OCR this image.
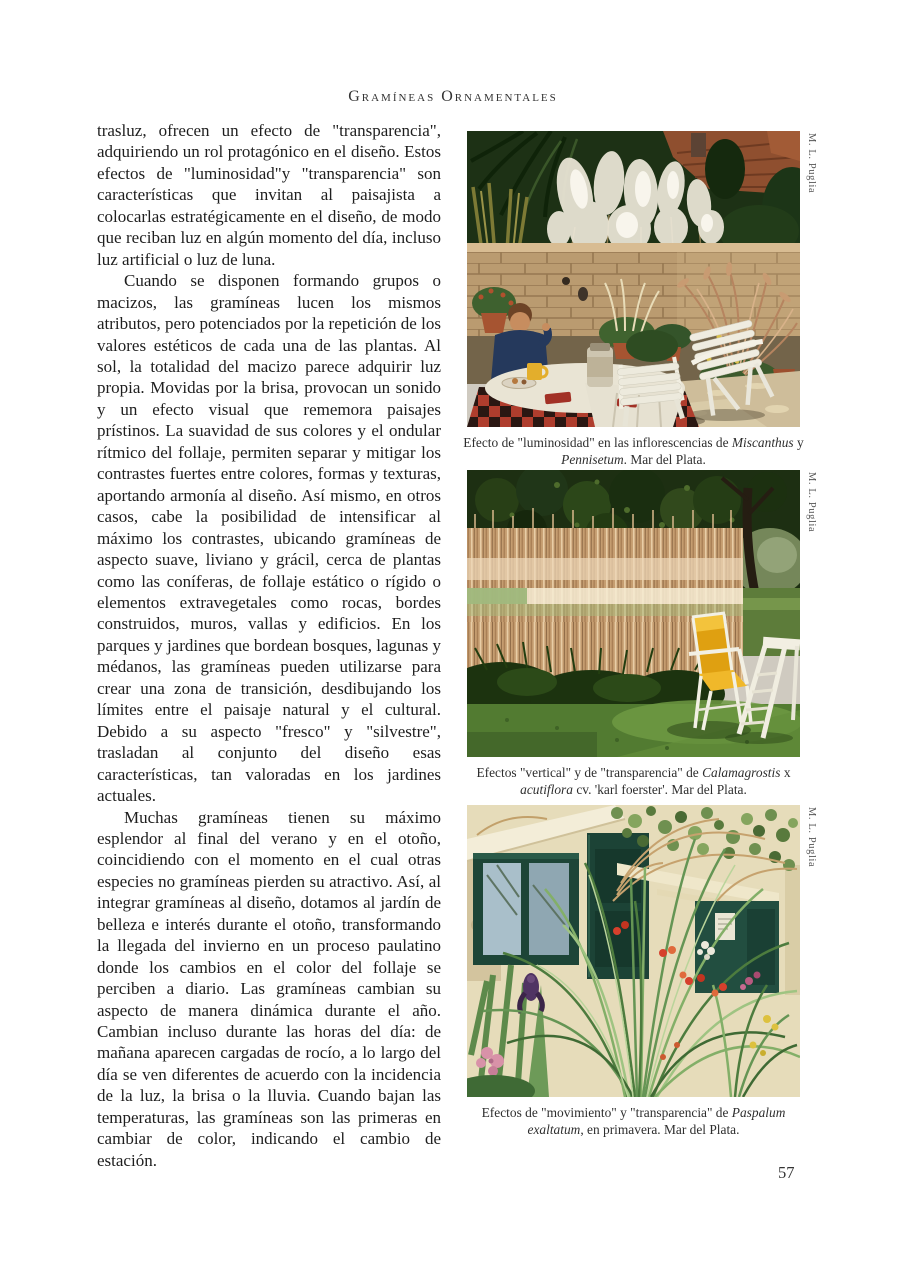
Gramíneas Ornamentales

trasluz, ofrecen un efecto de "transparencia", adquiriendo un rol protagónico en el diseño. Estos efectos de "luminosidad"y "transparencia" son características que invitan al paisajista a colocarlas estratégicamente en el diseño, de modo que reciban luz en algún momento del día, incluso luz artificial o luz de luna.

Cuando se disponen formando grupos o macizos, las gramíneas lucen los mismos atributos, pero potenciados por la repetición de los valores estéticos de cada una de las plantas. Al sol, la totalidad del macizo parece adquirir luz propia. Movidas por la brisa, provocan un sonido y un efecto visual que rememora paisajes prístinos. La suavidad de sus colores y el ondular rítmico del follaje, permiten separar y mitigar los contrastes fuertes entre colores, formas y texturas, aportando armonía al diseño. Así mismo, en otros casos, cabe la posibilidad de intensificar al máximo los contrastes, ubicando gramíneas de aspecto suave, liviano y grácil, cerca de plantas como las coníferas, de follaje estático o rígido o elementos extravegetales como rocas, bordes construidos, muros, vallas y edificios. En los parques y jardines que bordean bosques, lagunas y médanos, las gramíneas pueden utilizarse para crear una zona de transición, desdibujando los límites entre el paisaje natural y el cultural. Debido a su aspecto "fresco" y "silvestre", trasladan al conjunto del diseño esas características, tan valoradas en los jardines actuales.

Muchas gramíneas tienen su máximo esplendor al final del verano y en el otoño, coincidiendo con el momento en el cual otras especies no gramíneas pierden su atractivo. Así, al integrar gramíneas al diseño, dotamos al jardín de belleza e interés durante el otoño, transformando la llegada del invierno en un proceso paulatino donde los cambios en el color del follaje se perciben a diario. Las gramíneas cambian su aspecto de manera dinámica durante el año. Cambian incluso durante las horas del día: de mañana aparecen cargadas de rocío, a lo largo del día se ven diferentes de acuerdo con la incidencia de la luz, la brisa o la lluvia. Cuando bajan las temperaturas, las gramíneas son las primeras en cambiar de color, indicando el cambio de estación.

M. L. Puglia
Efecto de "luminosidad" en las inflorescencias de Miscanthus y Pennisetum. Mar del Plata.
M. L. Puglia
Efectos "vertical" y de "transparencia" de Calamagrostis x acutiflora cv. 'karl foerster'. Mar del Plata.
M. L. Puglia
Efectos de "movimiento" y "transparencia" de Paspalum exaltatum, en primavera. Mar del Plata.
57
